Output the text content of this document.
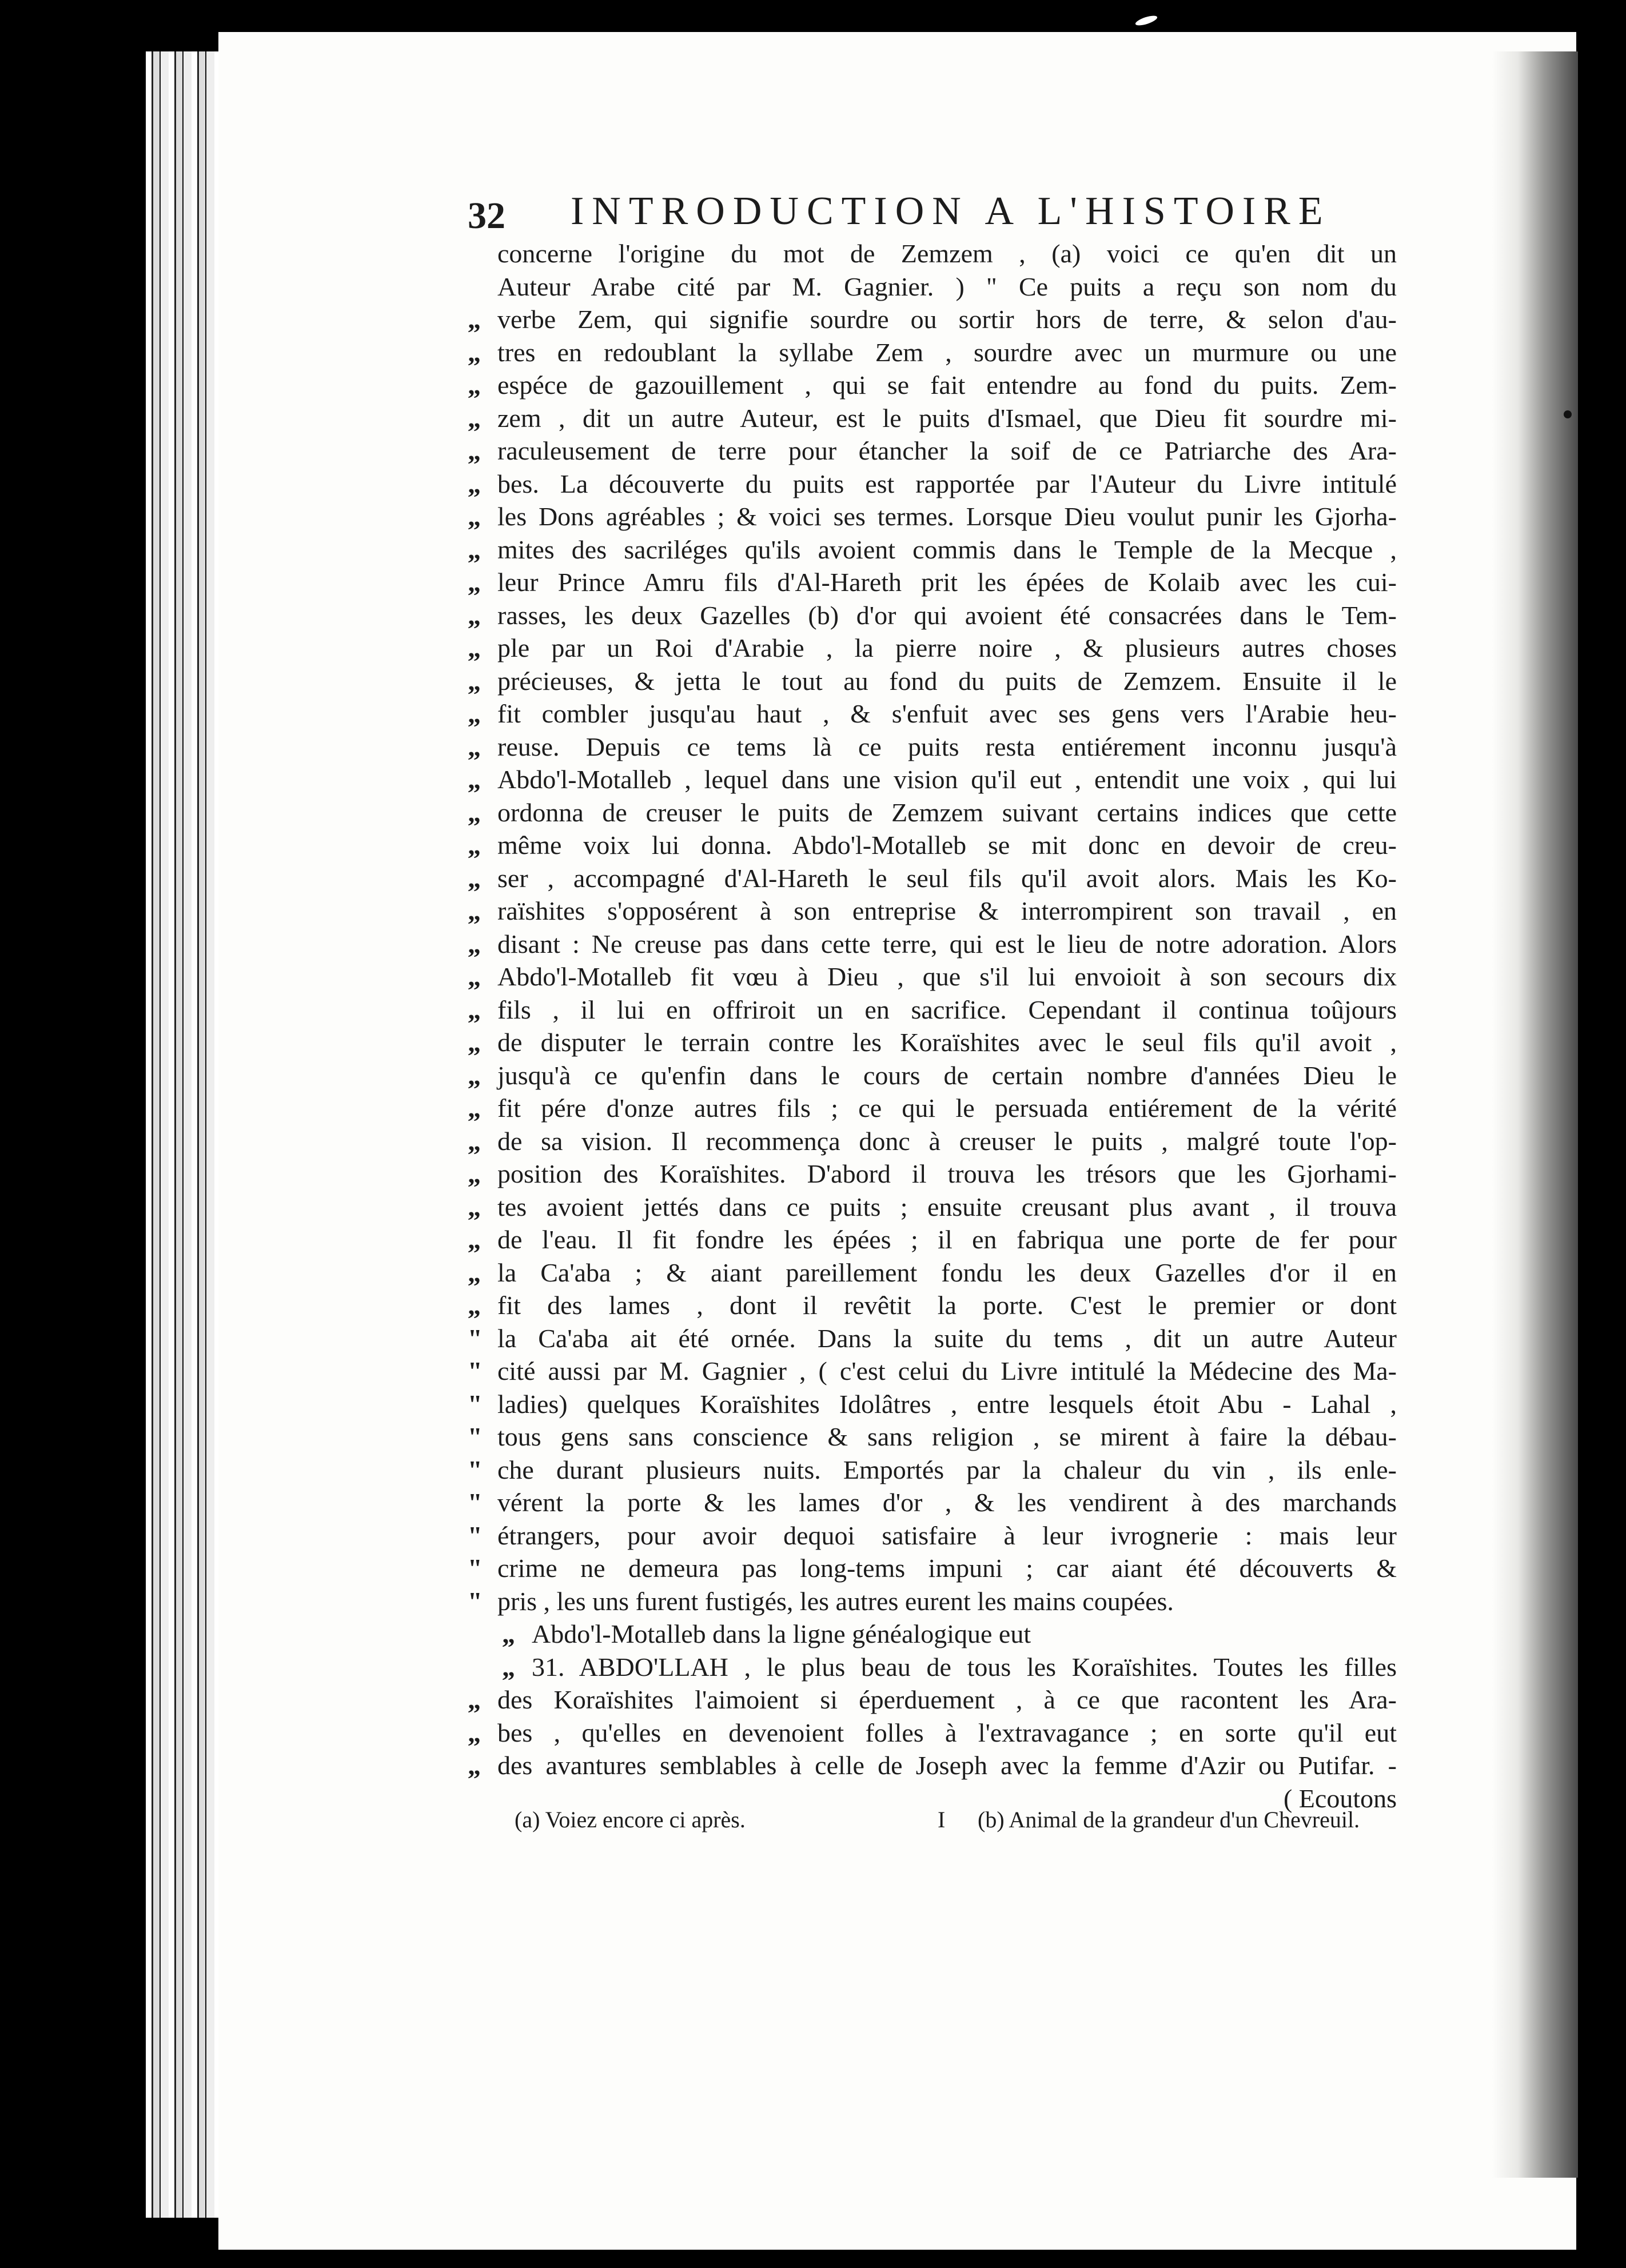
32 INTRODUCTION A L'HISTOIRE
concerne l'origine du mot de Zemzem , (a) voici ce qu'en dit un
Auteur Arabe cité par M. Gagnier. ) " Ce puits a reçu son nom du
„ verbe Zem, qui signifie sourdre ou sortir hors de terre, & selon d'au-
„ tres en redoublant la syllabe Zem , sourdre avec un murmure ou une
„ espéce de gazouillement , qui se fait entendre au fond du puits. Zem-
„ zem , dit un autre Auteur, est le puits d'Ismael, que Dieu fit sourdre mi-
„ raculeusement de terre pour étancher la soif de ce Patriarche des Ara-
„ bes. La découverte du puits est rapportée par l'Auteur du Livre intitulé
„ les Dons agréables ; & voici ses termes. Lorsque Dieu voulut punir les Gjorha-
„ mites des sacriléges qu'ils avoient commis dans le Temple de la Mecque ,
„ leur Prince Amru fils d'Al-Hareth prit les épées de Kolaib avec les cui-
„ rasses, les deux Gazelles (b) d'or qui avoient été consacrées dans le Tem-
„ ple par un Roi d'Arabie , la pierre noire , & plusieurs autres choses
„ précieuses, & jetta le tout au fond du puits de Zemzem. Ensuite il le
„ fit combler jusqu'au haut , & s'enfuit avec ses gens vers l'Arabie heu-
„ reuse. Depuis ce tems là ce puits resta entiérement inconnu jusqu'à
„ Abdo'l-Motalleb , lequel dans une vision qu'il eut , entendit une voix , qui lui
„ ordonna de creuser le puits de Zemzem suivant certains indices que cette
„ même voix lui donna. Abdo'l-Motalleb se mit donc en devoir de creu-
„ ser , accompagné d'Al-Hareth le seul fils qu'il avoit alors. Mais les Ko-
„ raïshites s'opposérent à son entreprise & interrompirent son travail , en
„ disant : Ne creuse pas dans cette terre, qui est le lieu de notre adoration. Alors
„ Abdo'l-Motalleb fit vœu à Dieu , que s'il lui envoioit à son secours dix
„ fils , il lui en offriroit un en sacrifice. Cependant il continua toûjours
„ de disputer le terrain contre les Koraïshites avec le seul fils qu'il avoit ,
„ jusqu'à ce qu'enfin dans le cours de certain nombre d'années Dieu le
„ fit pére d'onze autres fils ; ce qui le persuada entiérement de la vérité
„ de sa vision. Il recommença donc à creuser le puits , malgré toute l'op-
„ position des Koraïshites. D'abord il trouva les trésors que les Gjorhami-
„ tes avoient jettés dans ce puits ; ensuite creusant plus avant , il trouva
„ de l'eau. Il fit fondre les épées ; il en fabriqua une porte de fer pour
„ la Ca'aba ; & aiant pareillement fondu les deux Gazelles d'or il en
„ fit des lames , dont il revêtit la porte. C'est le premier or dont
" la Ca'aba ait été ornée. Dans la suite du tems , dit un autre Auteur
" cité aussi par M. Gagnier , ( c'est celui du Livre intitulé la Médecine des Ma-
" ladies) quelques Koraïshites Idolâtres , entre lesquels étoit Abu - Lahal ,
" tous gens sans conscience & sans religion , se mirent à faire la débau-
" che durant plusieurs nuits. Emportés par la chaleur du vin , ils enle-
" vérent la porte & les lames d'or , & les vendirent à des marchands
" étrangers, pour avoir dequoi satisfaire à leur ivrognerie : mais leur
" crime ne demeura pas long-tems impuni ; car aiant été découverts &
" pris , les uns furent fustigés, les autres eurent les mains coupées.
„ Abdo'l-Motalleb dans la ligne généalogique eut
„ 31. ABDO'LLAH , le plus beau de tous les Koraïshites. Toutes les filles
„ des Koraïshites l'aimoient si éperduement , à ce que racontent les Ara-
„ bes , qu'elles en devenoient folles à l'extravagance ; en sorte qu'il eut
„ des avantures semblables à celle de Joseph avec la femme d'Azir ou Putifar. -
( Ecoutons
(a) Voiez encore ci après.	I (b) Animal de la grandeur d'un Chevreuil.
